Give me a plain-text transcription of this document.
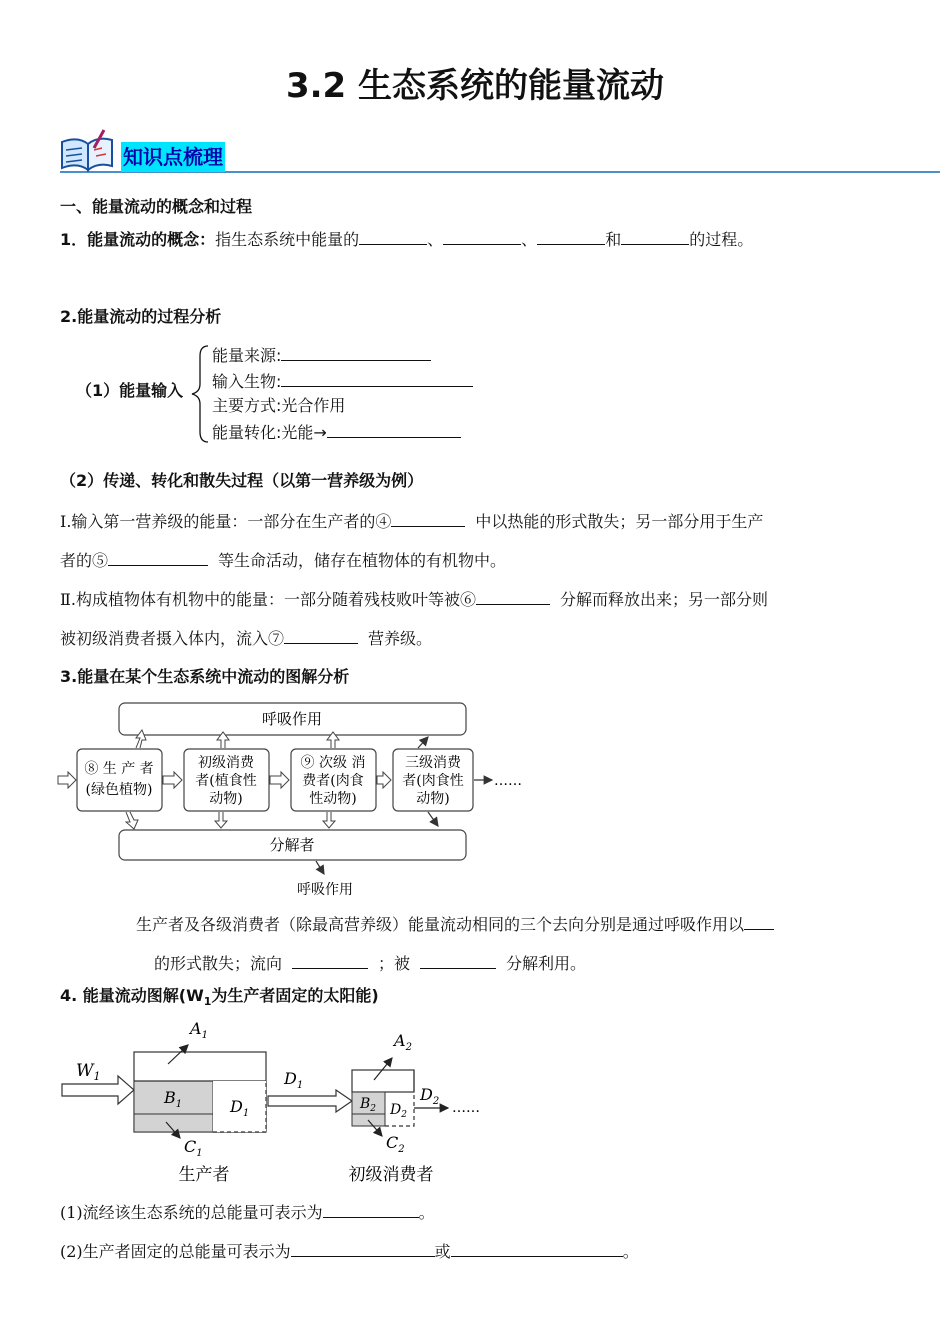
3.2 生态系统的能量流动
知识点梳理
一、能量流动的概念和过程
1．能量流动的概念：指生态系统中能量的	、	、	和	的过程。
2.能量流动的过程分析
（1）能量输入
能量来源:
输入生物:
主要方式:光合作用
能量转化:光能→
（2）传递、转化和散失过程（以第一营养级为例）
Ⅰ.输入第一营养级的能量：一部分在生产者的④	中以热能的形式散失；另一部分用于生产
者的⑤	等生命活动，储存在植物体的有机物中。
Ⅱ.构成植物体有机物中的能量：一部分随着残枝败叶等被⑥	分解而释放出来；另一部分则
被初级消费者摄入体内，流入⑦	营养级。
3.能量在某个生态系统中流动的图解分析
呼吸作用
分解者
⑧ 生 产 者
(绿色植物)
初级消费
者(植食性
动物)
⑨ 次级 消
费者(肉食
性动物)
三级消费
者(肉食性
动物)
……
呼吸作用
生产者及各级消费者（除最高营养级）能量流动相同的三个去向分别是通过呼吸作用以
的形式散失；流向	；被	分解利用。
4. 能量流动图解($W_1$为生产者固定的太阳能)
$W_1$
$B_1$	$D_1$
$A_1$
$C_1$
$D_1$
$B_2$ $D_2$
$A_2$
$C_2$
$D_2$ ……
生产者	初级消费者
(1)流经该生态系统的总能量可表示为	。
(2)生产者固定的总能量可表示为	或	。
